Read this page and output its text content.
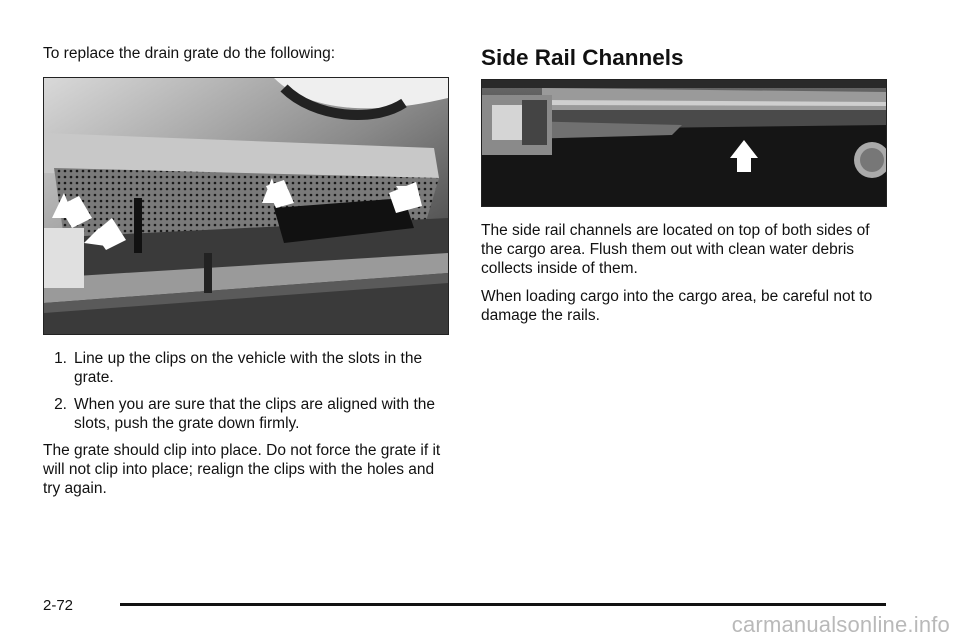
To replace the drain grate do the following:

1. Line up the clips on the vehicle with the slots in the grate.
2. When you are sure that the clips are aligned with the slots, push the grate down firmly.

The grate should clip into place. Do not force the grate if it will not clip into place; realign the clips with the holes and try again.

Side Rail Channels

The side rail channels are located on top of both sides of the cargo area. Flush them out with clean water debris collects inside of them.

When loading cargo into the cargo area, be careful not to damage the rails.

2-72
carmanualsonline.info
